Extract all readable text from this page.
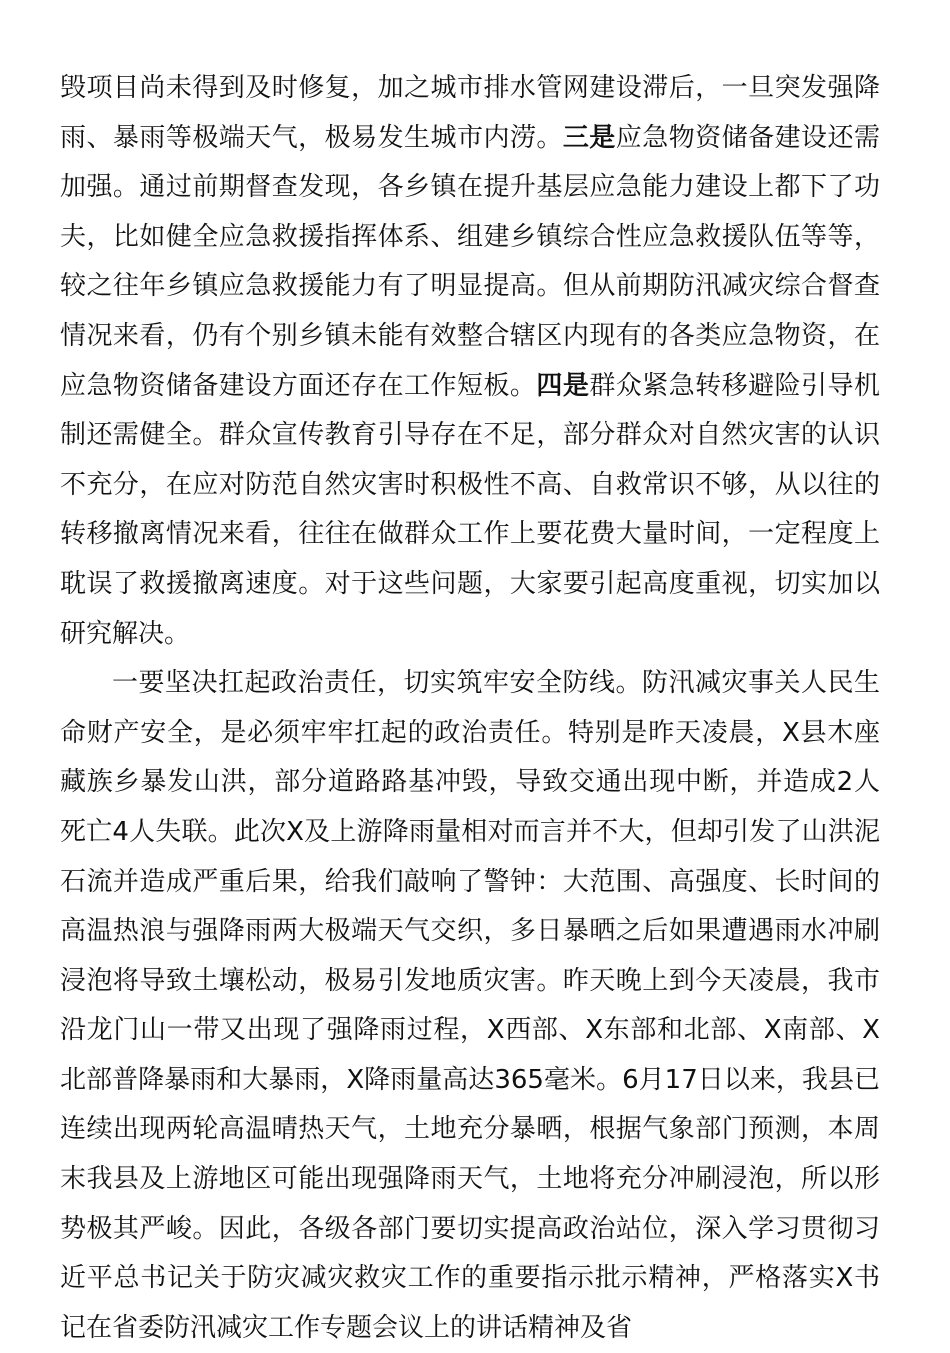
毁项目尚未得到及时修复，加之城市排水管网建设滞后，一旦突发强降雨、暴雨等极端天气，极易发生城市内涝。三是应急物资储备建设还需加强。通过前期督查发现，各乡镇在提升基层应急能力建设上都下了功夫，比如健全应急救援指挥体系、组建乡镇综合性应急救援队伍等等，较之往年乡镇应急救援能力有了明显提高。但从前期防汛减灾综合督查情况来看，仍有个别乡镇未能有效整合辖区内现有的各类应急物资，在应急物资储备建设方面还存在工作短板。四是群众紧急转移避险引导机制还需健全。群众宣传教育引导存在不足，部分群众对自然灾害的认识不充分，在应对防范自然灾害时积极性不高、自救常识不够，从以往的转移撤离情况来看，往往在做群众工作上要花费大量时间，一定程度上耽误了救援撤离速度。对于这些问题，大家要引起高度重视，切实加以研究解决。

一要坚决扛起政治责任，切实筑牢安全防线。防汛减灾事关人民生命财产安全，是必须牢牢扛起的政治责任。特别是昨天凌晨，X县木座藏族乡暴发山洪，部分道路路基冲毁，导致交通出现中断，并造成2人死亡4人失联。此次X及上游降雨量相对而言并不大，但却引发了山洪泥石流并造成严重后果，给我们敲响了警钟：大范围、高强度、长时间的高温热浪与强降雨两大极端天气交织，多日暴晒之后如果遭遇雨水冲刷浸泡将导致土壤松动，极易引发地质灾害。昨天晚上到今天凌晨，我市沿龙门山一带又出现了强降雨过程，X西部、X东部和北部、X南部、X北部普降暴雨和大暴雨，X降雨量高达365毫米。6月17日以来，我县已连续出现两轮高温晴热天气，土地充分暴晒，根据气象部门预测，本周末我县及上游地区可能出现强降雨天气，土地将充分冲刷浸泡，所以形势极其严峻。因此，各级各部门要切实提高政治站位，深入学习贯彻习近平总书记关于防灾减灾救灾工作的重要指示批示精神，严格落实X书记在省委防汛减灾工作专题会议上的讲话精神及省
